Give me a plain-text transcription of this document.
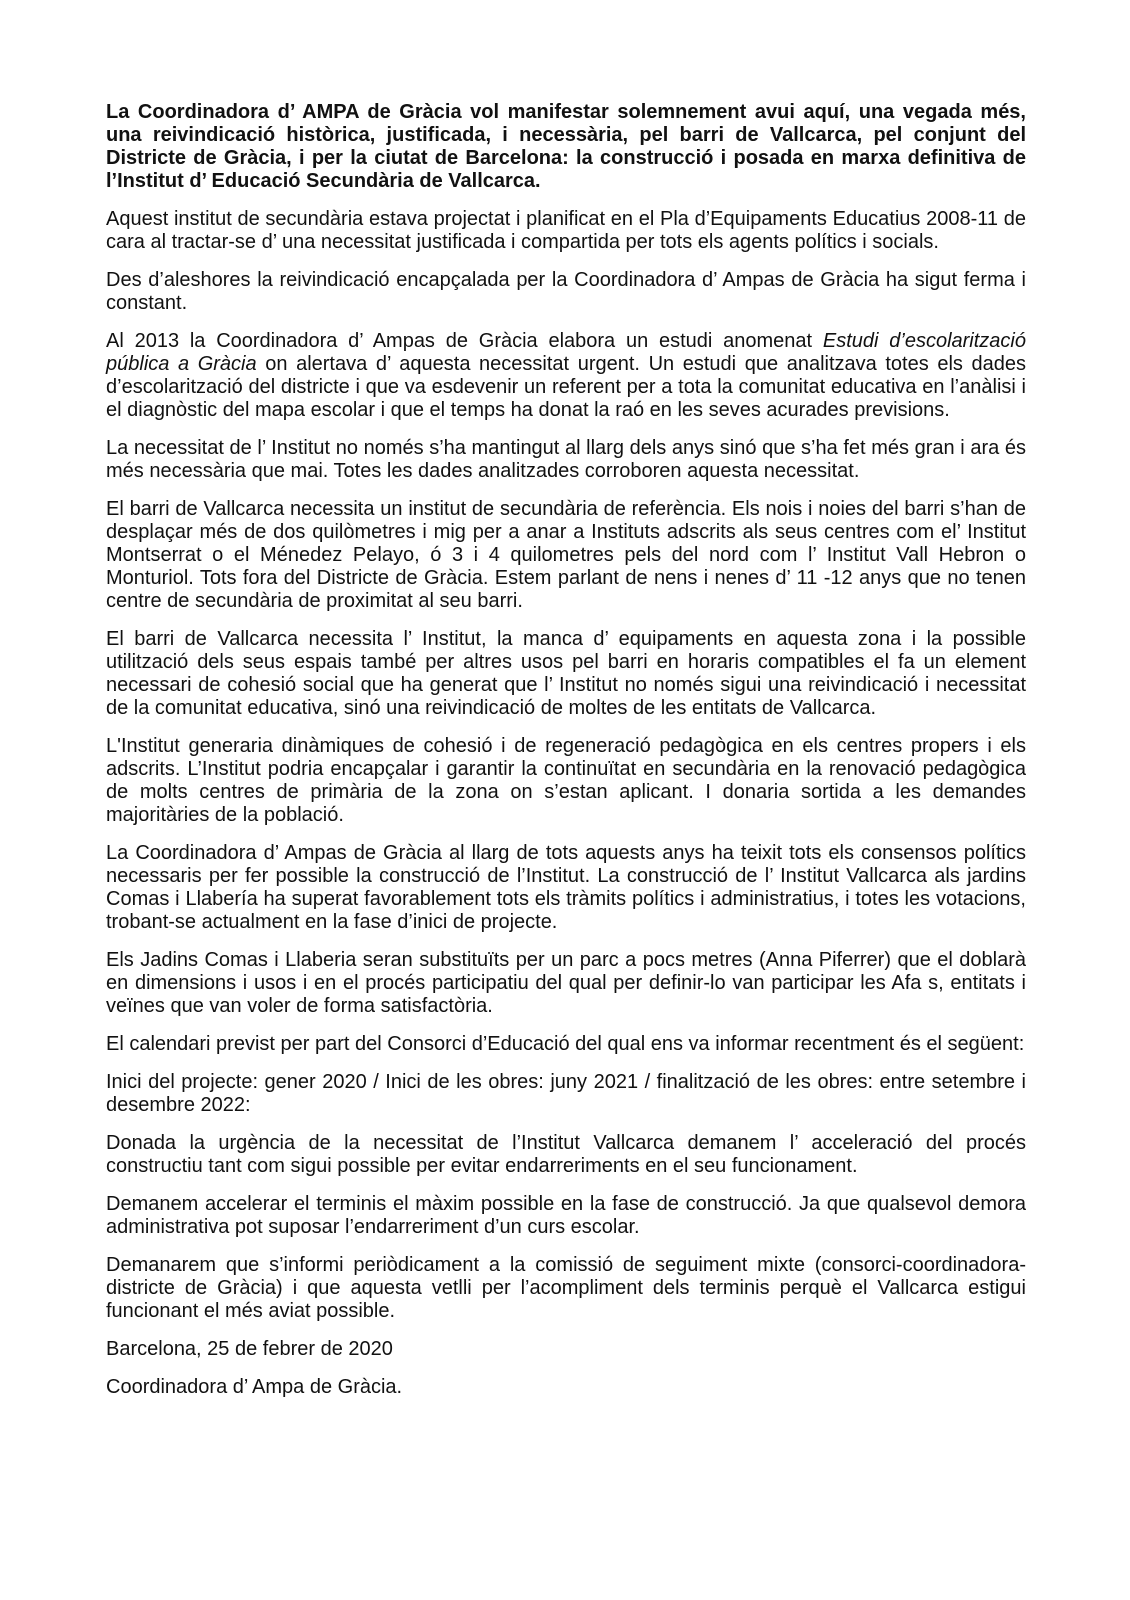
La Coordinadora d’ AMPA de Gràcia vol manifestar solemnement avui aquí, una vegada més, una reivindicació històrica, justificada, i necessària, pel barri de Vallcarca, pel conjunt del Districte de Gràcia, i per la ciutat de Barcelona: la construcció i posada en marxa definitiva de l’Institut d’ Educació Secundària de Vallcarca.

Aquest institut de secundària estava projectat i planificat en el Pla d’Equipaments Educatius 2008-11 de cara al tractar-se d’ una necessitat justificada i compartida per tots els agents polítics i socials.

Des d’aleshores la reivindicació encapçalada per la Coordinadora d’ Ampas de Gràcia ha sigut ferma i constant.

Al 2013 la Coordinadora d’ Ampas de Gràcia elabora un estudi anomenat Estudi d’escolarització pública a Gràcia on alertava d’ aquesta necessitat urgent. Un estudi que analitzava totes els dades d’escolarització del districte i que va esdevenir un referent per a tota la comunitat educativa en l’anàlisi i el diagnòstic del mapa escolar i que el temps ha donat la raó en les seves acurades previsions.

La necessitat de l’ Institut no només s’ha mantingut al llarg dels anys sinó que s’ha fet més gran i ara és més necessària que mai. Totes les dades analitzades corroboren aquesta necessitat.

El barri de Vallcarca necessita un institut de secundària de referència. Els nois i noies del barri s’han de desplaçar més de dos quilòmetres i mig per a anar a Instituts adscrits als seus centres com el’ Institut Montserrat o el Ménedez Pelayo, ó 3 i 4 quilometres pels del nord com l’ Institut Vall Hebron o Monturiol. Tots fora del Districte de Gràcia. Estem parlant de nens i nenes d’ 11 -12 anys que no tenen centre de secundària de proximitat al seu barri.

El barri de Vallcarca necessita l’ Institut, la manca d’ equipaments en aquesta zona i la possible utilització dels seus espais també per altres usos pel barri en horaris compatibles el fa un element necessari de cohesió social que ha generat que l’ Institut no només sigui una reivindicació i necessitat de la comunitat educativa, sinó una reivindicació de moltes de les entitats de Vallcarca.

L'Institut generaria dinàmiques de cohesió i de regeneració pedagògica en els centres propers i els adscrits. L’Institut podria encapçalar i garantir la continuïtat en secundària en la renovació pedagògica de molts centres de primària de la zona on s’estan aplicant. I donaria sortida a les demandes majoritàries de la població.

La Coordinadora d’ Ampas de Gràcia al llarg de tots aquests anys ha teixit tots els consensos polítics necessaris per fer possible la construcció de l’Institut. La construcció de l’ Institut Vallcarca als jardins Comas i Llabería ha superat favorablement tots els tràmits polítics i administratius, i totes les votacions, trobant-se actualment en la fase d’inici de projecte.

Els Jadins Comas i Llaberia seran substituïts per un parc a pocs metres (Anna Piferrer) que el doblarà en dimensions i usos i en el procés participatiu del qual per definir-lo van participar les Afa s, entitats i veïnes que van voler de forma satisfactòria.

El calendari previst per part del Consorci d’Educació del qual ens va informar recentment és el següent:

Inici del projecte: gener 2020 / Inici de les obres: juny 2021 / finalització de les obres: entre setembre i desembre 2022:

Donada la urgència de la necessitat de l’Institut Vallcarca demanem l’ acceleració del procés constructiu tant com sigui possible per evitar endarreriments en el seu funcionament.

Demanem accelerar el terminis el màxim possible en la fase de construcció. Ja que qualsevol demora administrativa pot suposar l’endarreriment d’un curs escolar.

Demanarem que s’informi periòdicament a la comissió de seguiment mixte (consorci-coordinadora- districte de Gràcia) i que aquesta vetlli per l’acompliment dels terminis perquè el Vallcarca estigui funcionant el més aviat possible.

Barcelona, 25 de febrer de 2020

Coordinadora d’ Ampa de Gràcia.
